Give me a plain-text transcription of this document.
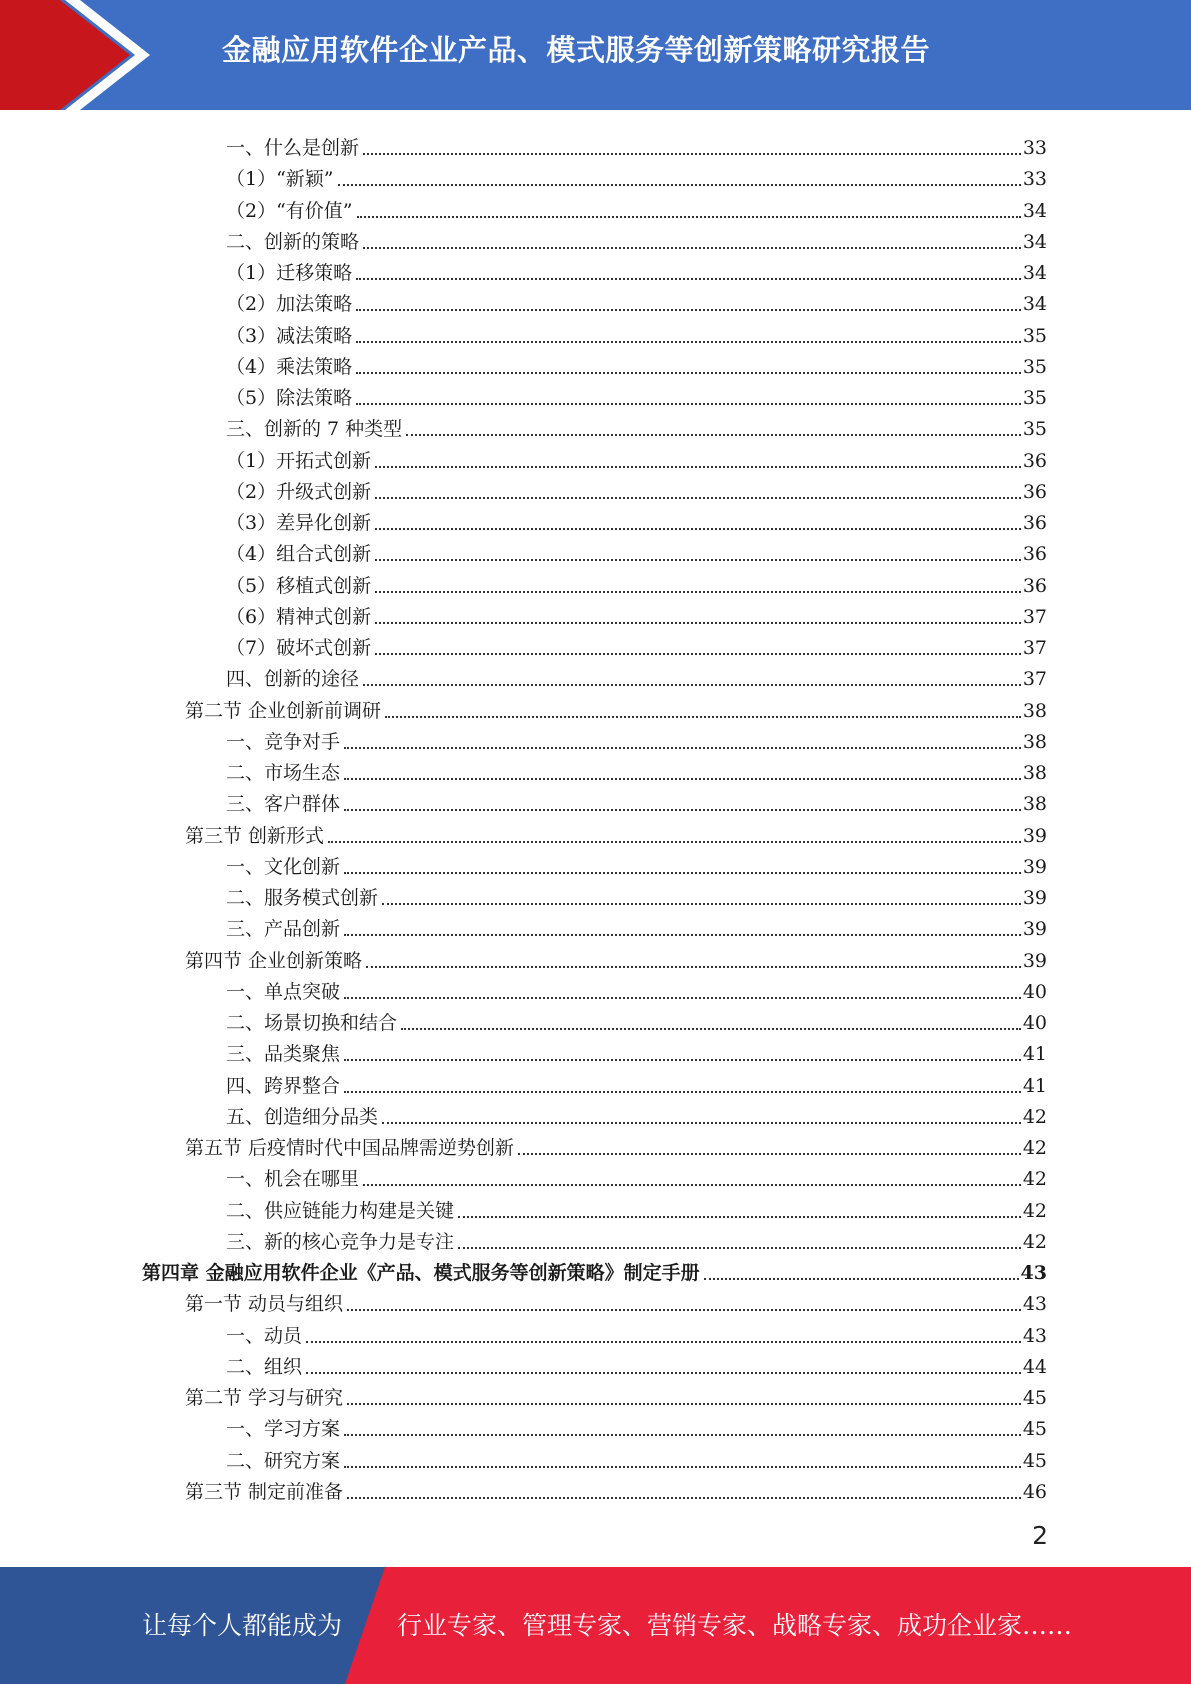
金融应用软件企业产品、模式服务等创新策略研究报告
一、什么是创新	33
（1）“新颖”	33
（2）“有价值”	34
二、创新的策略	34
（1）迁移策略	34
（2）加法策略	34
（3）减法策略	35
（4）乘法策略	35
（5）除法策略	35
三、创新的 7 种类型	35
（1）开拓式创新	36
（2）升级式创新	36
（3）差异化创新	36
（4）组合式创新	36
（5）移植式创新	36
（6）精神式创新	37
（7）破坏式创新	37
四、创新的途径	37
第二节 企业创新前调研	38
一、竞争对手	38
二、市场生态	38
三、客户群体	38
第三节 创新形式	39
一、文化创新	39
二、服务模式创新	39
三、产品创新	39
第四节 企业创新策略	39
一、单点突破	40
二、场景切换和结合	40
三、品类聚焦	41
四、跨界整合	41
五、创造细分品类	42
第五节 后疫情时代中国品牌需逆势创新	42
一、机会在哪里	42
二、供应链能力构建是关键	42
三、新的核心竞争力是专注	42
第四章 金融应用软件企业《产品、模式服务等创新策略》制定手册	43
第一节 动员与组织	43
一、动员	43
二、组织	44
第二节 学习与研究	45
一、学习方案	45
二、研究方案	45
第三节 制定前准备	46
2
让每个人都能成为 行业专家、管理专家、营销专家、战略专家、成功企业家……
